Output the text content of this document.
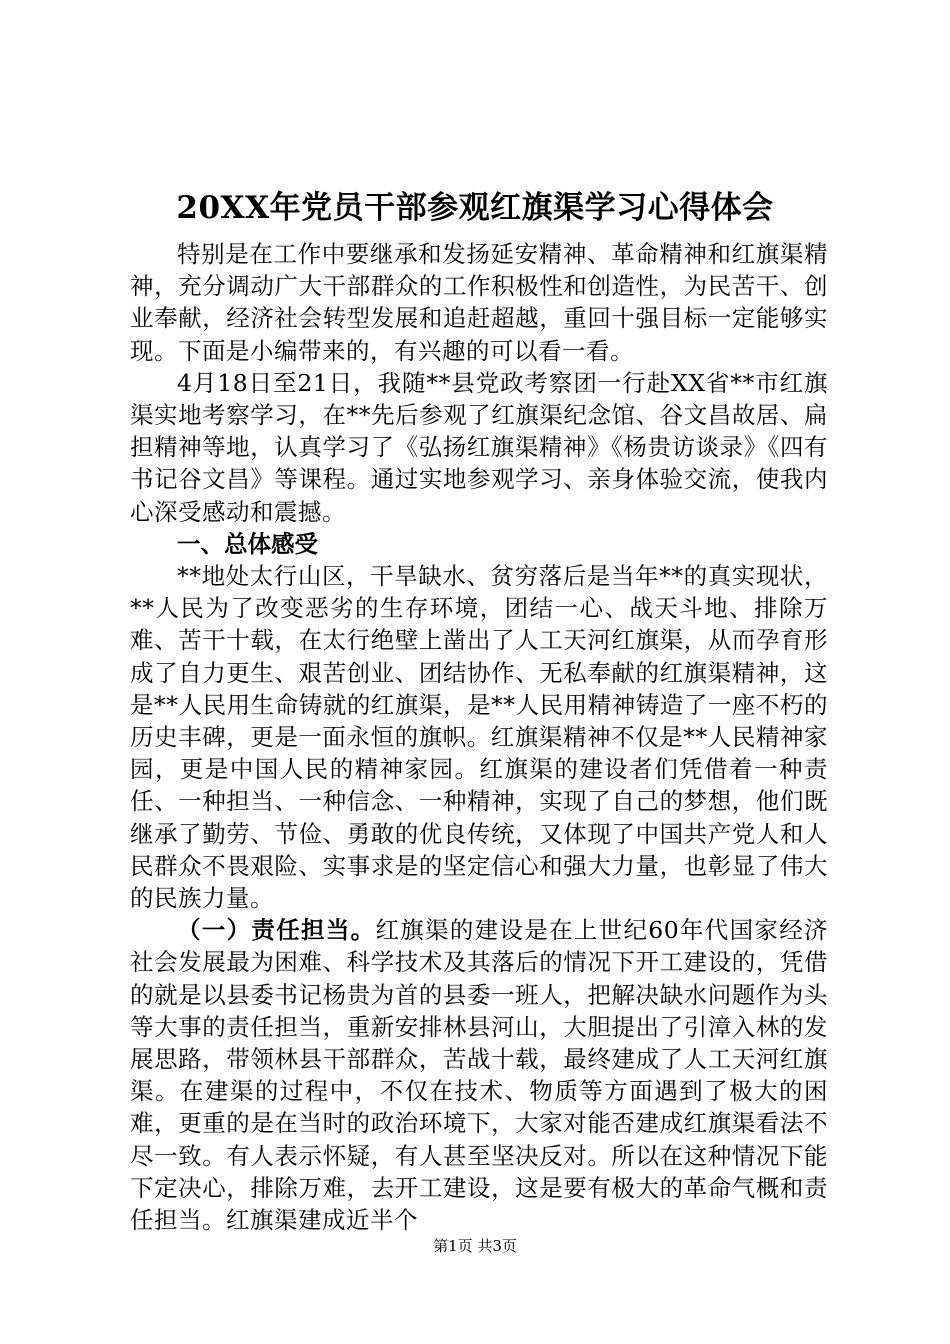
20XX年党员干部参观红旗渠学习心得体会

特别是在工作中要继承和发扬延安精神、革命精神和红旗渠精神，充分调动广大干部群众的工作积极性和创造性，为民苦干、创业奉献，经济社会转型发展和追赶超越，重回十强目标一定能够实现。下面是小编带来的，有兴趣的可以看一看。

4月18日至21日，我随**县党政考察团一行赴XX省**市红旗渠实地考察学习，在**先后参观了红旗渠纪念馆、谷文昌故居、扁担精神等地，认真学习了《弘扬红旗渠精神》《杨贵访谈录》《四有书记谷文昌》等课程。通过实地参观学习、亲身体验交流，使我内心深受感动和震撼。

一、总体感受

**地处太行山区，干旱缺水、贫穷落后是当年**的真实现状，**人民为了改变恶劣的生存环境，团结一心、战天斗地、排除万难、苦干十载，在太行绝壁上凿出了人工天河红旗渠，从而孕育形成了自力更生、艰苦创业、团结协作、无私奉献的红旗渠精神，这是**人民用生命铸就的红旗渠，是**人民用精神铸造了一座不朽的历史丰碑，更是一面永恒的旗帜。红旗渠精神不仅是**人民精神家园，更是中国人民的精神家园。红旗渠的建设者们凭借着一种责任、一种担当、一种信念、一种精神，实现了自己的梦想，他们既继承了勤劳、节俭、勇敢的优良传统，又体现了中国共产党人和人民群众不畏艰险、实事求是的坚定信心和强大力量，也彰显了伟大的民族力量。

（一）责任担当。红旗渠的建设是在上世纪60年代国家经济社会发展最为困难、科学技术及其落后的情况下开工建设的，凭借的就是以县委书记杨贵为首的县委一班人，把解决缺水问题作为头等大事的责任担当，重新安排林县河山，大胆提出了引漳入林的发展思路，带领林县干部群众，苦战十载，最终建成了人工天河红旗渠。在建渠的过程中，不仅在技术、物质等方面遇到了极大的困难，更重的是在当时的政治环境下，大家对能否建成红旗渠看法不尽一致。有人表示怀疑，有人甚至坚决反对。所以在这种情况下能下定决心，排除万难，去开工建设，这是要有极大的革命气概和责任担当。红旗渠建成近半个

第1页 共3页
